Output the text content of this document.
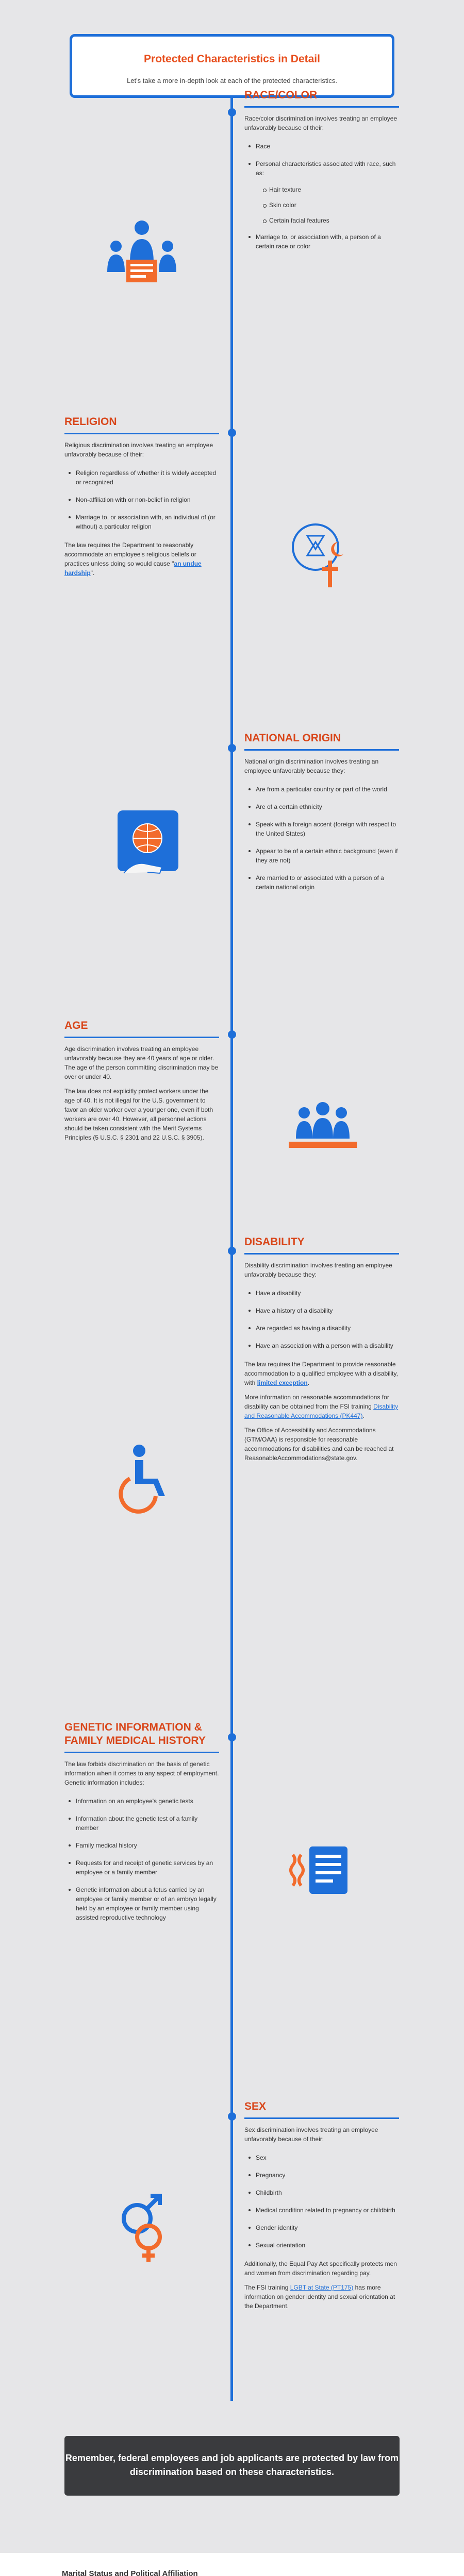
Protected Characteristics in Detail

Let's take a more in-depth look at each of the protected characteristics.

RACE/COLOR

Race/color discrimination involves treating an employee unfavorably because of their:

Race
Personal characteristics associated with race, such as:
Hair texture
Skin color
Certain facial features
Marriage to, or association with, a person of a certain race or color
RELIGION

Religious discrimination involves treating an employee unfavorably because of their:

Religion regardless of whether it is widely accepted or recognized
Non-affiliation with or non-belief in religion
Marriage to, or association with, an individual of (or without) a particular religion

The law requires the Department to reasonably accommodate an employee's religious beliefs or practices unless doing so would cause "an undue hardship".

NATIONAL ORIGIN

National origin discrimination involves treating an employee unfavorably because they:

Are from a particular country or part of the world
Are of a certain ethnicity
Speak with a foreign accent (foreign with respect to the United States)
Appear to be of a certain ethnic background (even if they are not)
Are married to or associated with a person of a certain national origin
AGE

Age discrimination involves treating an employee unfavorably because they are 40 years of age or older. The age of the person committing discrimination may be over or under 40.

The law does not explicitly protect workers under the age of 40. It is not illegal for the U.S. government to favor an older worker over a younger one, even if both workers are over 40. However, all personnel actions should be taken consistent with the Merit Systems Principles (5 U.S.C. § 2301 and 22 U.S.C. § 3905).

DISABILITY

Disability discrimination involves treating an employee unfavorably because they:

Have a disability
Have a history of a disability
Are regarded as having a disability
Have an association with a person with a disability

The law requires the Department to provide reasonable accommodation to a qualified employee with a disability, with limited exception.

More information on reasonable accommodations for disability can be obtained from the FSI training Disability and Reasonable Accommodations (PK447).

The Office of Accessibility and Accommodations (GTM/OAA) is responsible for reasonable accommodations for disabilities and can be reached at ReasonableAccommodations@state.gov.

GENETIC INFORMATION & FAMILY MEDICAL HISTORY

The law forbids discrimination on the basis of genetic information when it comes to any aspect of employment. Genetic information includes:

Information on an employee's genetic tests
Information about the genetic test of a family member
Family medical history
Requests for and receipt of genetic services by an employee or a family member
Genetic information about a fetus carried by an employee or family member or of an embryo legally held by an employee or family member using assisted reproductive technology
SEX

Sex discrimination involves treating an employee unfavorably because of their:

Sex
Pregnancy
Childbirth
Medical condition related to pregnancy or childbirth
Gender identity
Sexual orientation

Additionally, the Equal Pay Act specifically protects men and women from discrimination regarding pay.

The FSI training LGBT at State (PT175) has more information on gender identity and sexual orientation at the Department.

Remember, federal employees and job applicants are protected by law from discrimination based on these characteristics.
Marital Status and Political Affiliation
